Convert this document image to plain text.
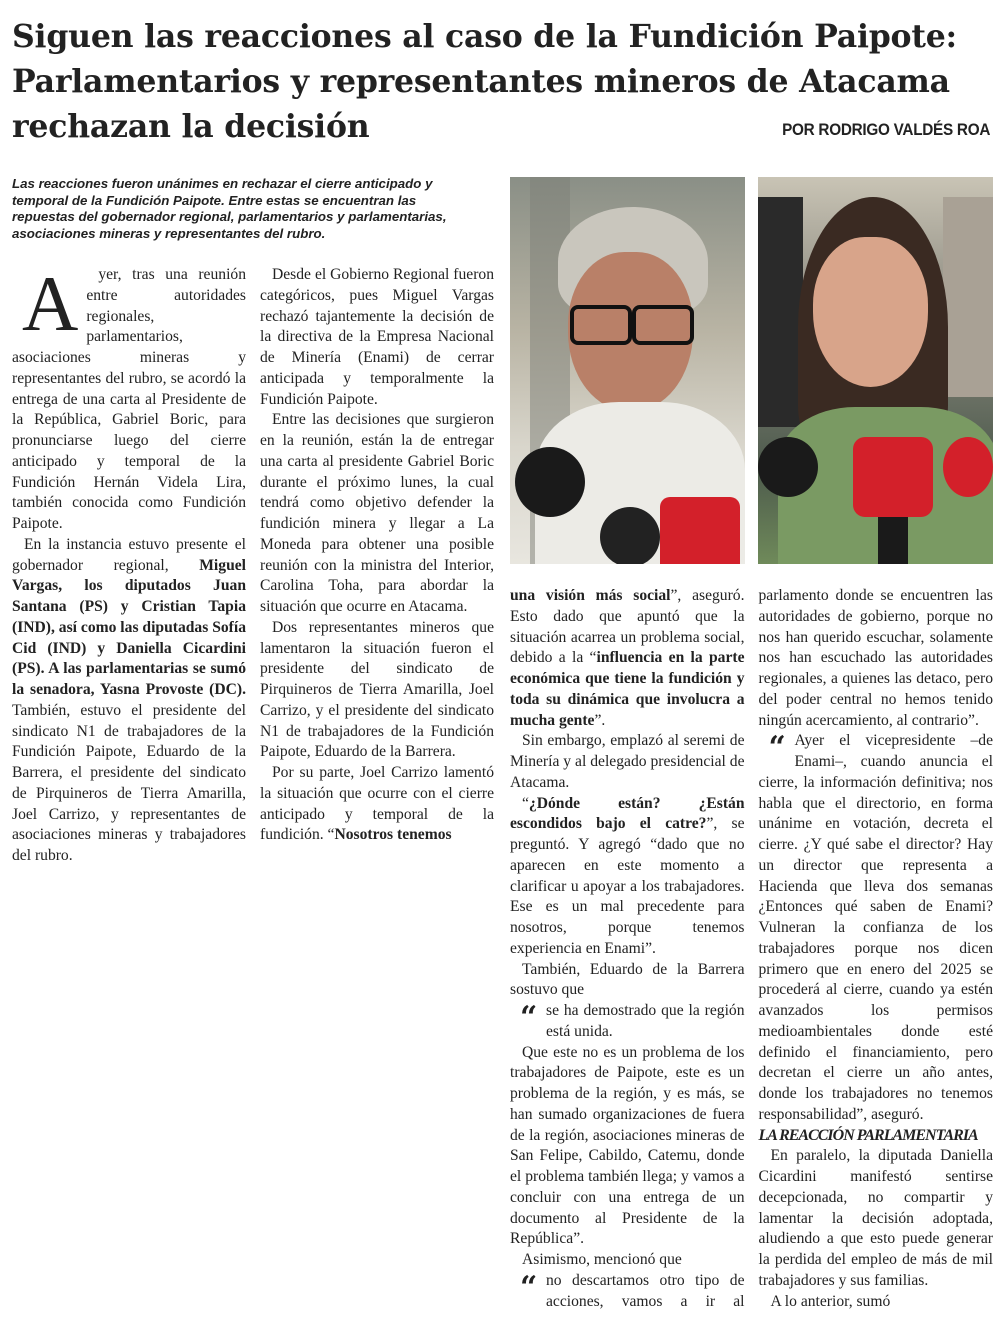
Siguen las reacciones al caso de la Fundición Paipote:
Parlamentarios y representantes mineros de Atacama
rechazan la decisión	POR RODRIGO VALDÉS ROA
Las reacciones fueron unánimes en rechazar el cierre anticipado y temporal de la Fundición Paipote. Entre estas se encuentran las repuestas del gobernador regional, parlamentarios y parlamentarias, asociaciones mineras y representantes del rubro.

A yer, tras una reunión entre autoridades regionales, parlamentarios, asociaciones mineras y representantes del rubro, se acordó la entrega de una carta al Presidente de la República, Gabriel Boric, para pronunciarse luego del cierre anticipado y temporal de la Fundición Hernán Videla Lira, también conocida como Fundición Paipote.

En la instancia estuvo presente el gobernador regional, Miguel Vargas, los diputados Juan Santana (PS) y Cristian Tapia (IND), así como las diputadas Sofía Cid (IND) y Daniella Cicardini (PS). A las parlamentarias se sumó la senadora, Yasna Provoste (DC). También, estuvo el presidente del sindicato N1 de trabajadores de la Fundición Paipote, Eduardo de la Barrera, el presidente del sindicato de Pirquineros de Tierra Amarilla, Joel Carrizo, y representantes de asociaciones mineras y trabajadores del rubro.

Desde el Gobierno Regional fueron categóricos, pues Miguel Vargas rechazó tajantemente la decisión de la directiva de la Empresa Nacional de Minería (Enami) de cerrar anticipada y temporalmente la Fundición Paipote.

Entre las decisiones que surgieron en la reunión, están la de entregar una carta al presidente Gabriel Boric durante el próximo lunes, la cual tendrá como objetivo defender la fundición minera y llegar a La Moneda para obtener una posible reunión con la ministra del Interior, Carolina Toha, para abordar la situación que ocurre en Atacama.

Dos representantes mineros que lamentaron la situación fueron el presidente del sindicato de Pirquineros de Tierra Amarilla, Joel Carrizo, y el presidente del sindicato N1 de trabajadores de la Fundición Paipote, Eduardo de la Barrera.

Por su parte, Joel Carrizo lamentó la situación que ocurre con el cierre anticipado y temporal de la fundición. “Nosotros tenemos

una visión más social”, aseguró. Esto dado que apuntó que la situación acarrea un problema social, debido a la “influencia en la parte económica que tiene la fundición y toda su dinámica que involucra a mucha gente”.

Sin embargo, emplazó al seremi de Minería y al delegado presidencial de Atacama.

“¿Dónde están? ¿Están escondidos bajo el catre?”, se preguntó. Y agregó “dado que no aparecen en este momento a clarificar u apoyar a los trabajadores. Ese es un mal precedente para nosotros, porque tenemos experiencia en Enami”.

También, Eduardo de la Barrera sostuvo que

“ se ha demostrado que la región está unida.

Que este no es un problema de los trabajadores de Paipote, este es un problema de la región, y es más, se han sumado organizaciones de fuera de la región, asociaciones mineras de San Felipe, Cabildo, Catemu, donde el problema también llega; y vamos a concluir con una entrega de un documento al Presidente de la República”.

Asimismo, mencionó que

“ no descartamos otro tipo de acciones, vamos a ir al parlamento donde se encuentren las autoridades de gobierno, porque no nos han querido escuchar, solamente nos han escuchado las autoridades regionales, a quienes las detaco, pero del poder central no hemos tenido ningún acercamiento, al contrario”.

“ Ayer el vicepresidente –de Enami–, cuando anuncia el cierre, la información definitiva; nos habla que el directorio, en forma unánime en votación, decreta el cierre. ¿Y qué sabe el director? Hay un director que representa a Hacienda que lleva dos semanas ¿Entonces qué saben de Enami? Vulneran la confianza de los trabajadores porque nos dicen primero que en enero del 2025 se procederá al cierre, cuando ya estén avanzados los permisos medioambientales donde esté definido el financiamiento, pero decretan el cierre un año antes, donde los trabajadores no tenemos responsabilidad”, aseguró.

LA REACCIÓN PARLAMENTARIA

En paralelo, la diputada Daniella Cicardini manifestó sentirse decepcionada, no compartir y lamentar la decisión adoptada, aludiendo a que esto puede generar la perdida del empleo de más de mil trabajadores y sus familias.

A lo anterior, sumó
